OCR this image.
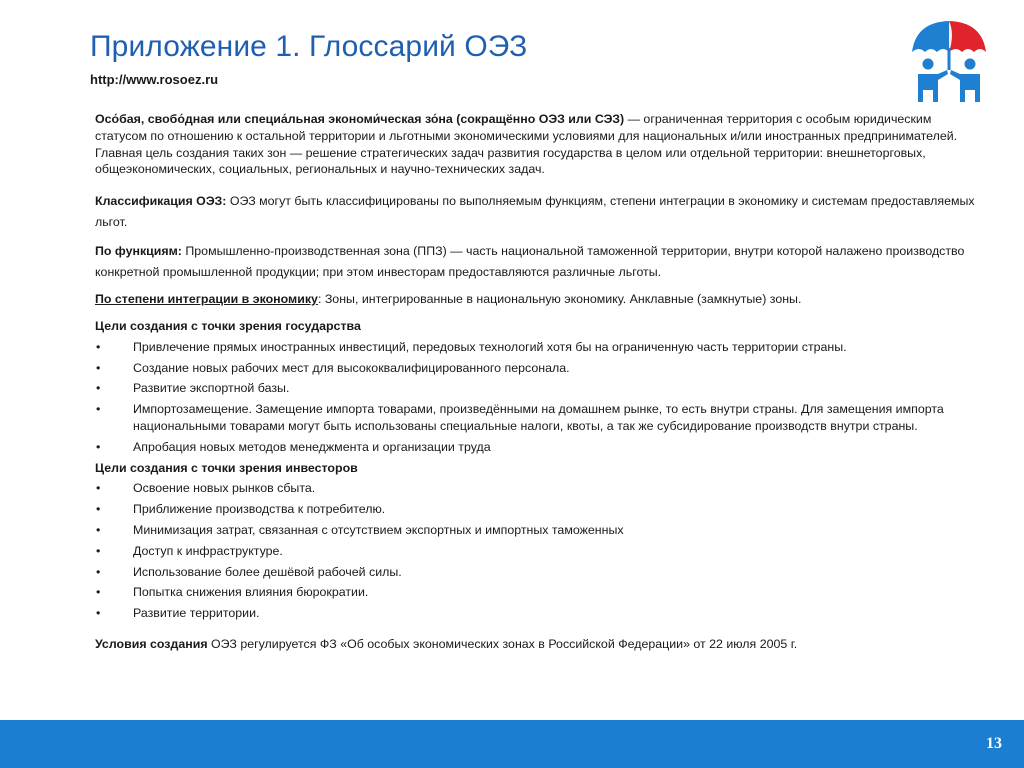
Приложение 1. Глоссарий ОЭЗ
http://www.rosoez.ru

Осо́бая, свобо́дная или специа́льная экономи́ческая зо́на (сокращённо ОЭЗ или СЭЗ) — ограниченная территория с особым юридическим статусом по отношению к остальной территории и льготными экономическими условиями для национальных и/или иностранных предпринимателей. Главная цель создания таких зон — решение стратегических задач развития государства в целом или отдельной территории: внешнеторговых, общеэкономических, социальных, региональных и научно-технических задач.

Классификация ОЭЗ: ОЭЗ могут быть классифицированы по выполняемым функциям, степени интеграции в экономику и системам предоставляемых льгот.

По функциям: Промышленно-производственная зона (ППЗ) — часть национальной таможенной территории, внутри которой налажено производство конкретной промышленной продукции; при этом инвесторам предоставляются различные льготы.

По степени интеграции в экономику: Зоны, интегрированные в национальную экономику. Анклавные (замкнутые) зоны.

Цели создания с точки зрения государства

• Привлечение прямых иностранных инвестиций, передовых технологий хотя бы на ограниченную часть территории страны.
• Создание новых рабочих мест для высококвалифицированного персонала.
• Развитие экспортной базы.
• Импортозамещение. Замещение импорта товарами, произведёнными на домашнем рынке, то есть внутри страны. Для замещения импорта национальными товарами могут быть использованы специальные налоги, квоты, а так же субсидирование производств внутри страны.
• Апробация новых методов менеджмента и организации труда

Цели создания с точки зрения инвесторов

• Освоение новых рынков сбыта.
• Приближение производства к потребителю.
• Минимизация затрат, связанная с отсутствием экспортных и импортных таможенных
• Доступ к инфраструктуре.
• Использование более дешёвой рабочей силы.
• Попытка снижения влияния бюрократии.
• Развитие территории.

Условия создания ОЭЗ регулируется ФЗ «Об особых экономических зонах в Российской Федерации» от 22 июля 2005 г.

13
